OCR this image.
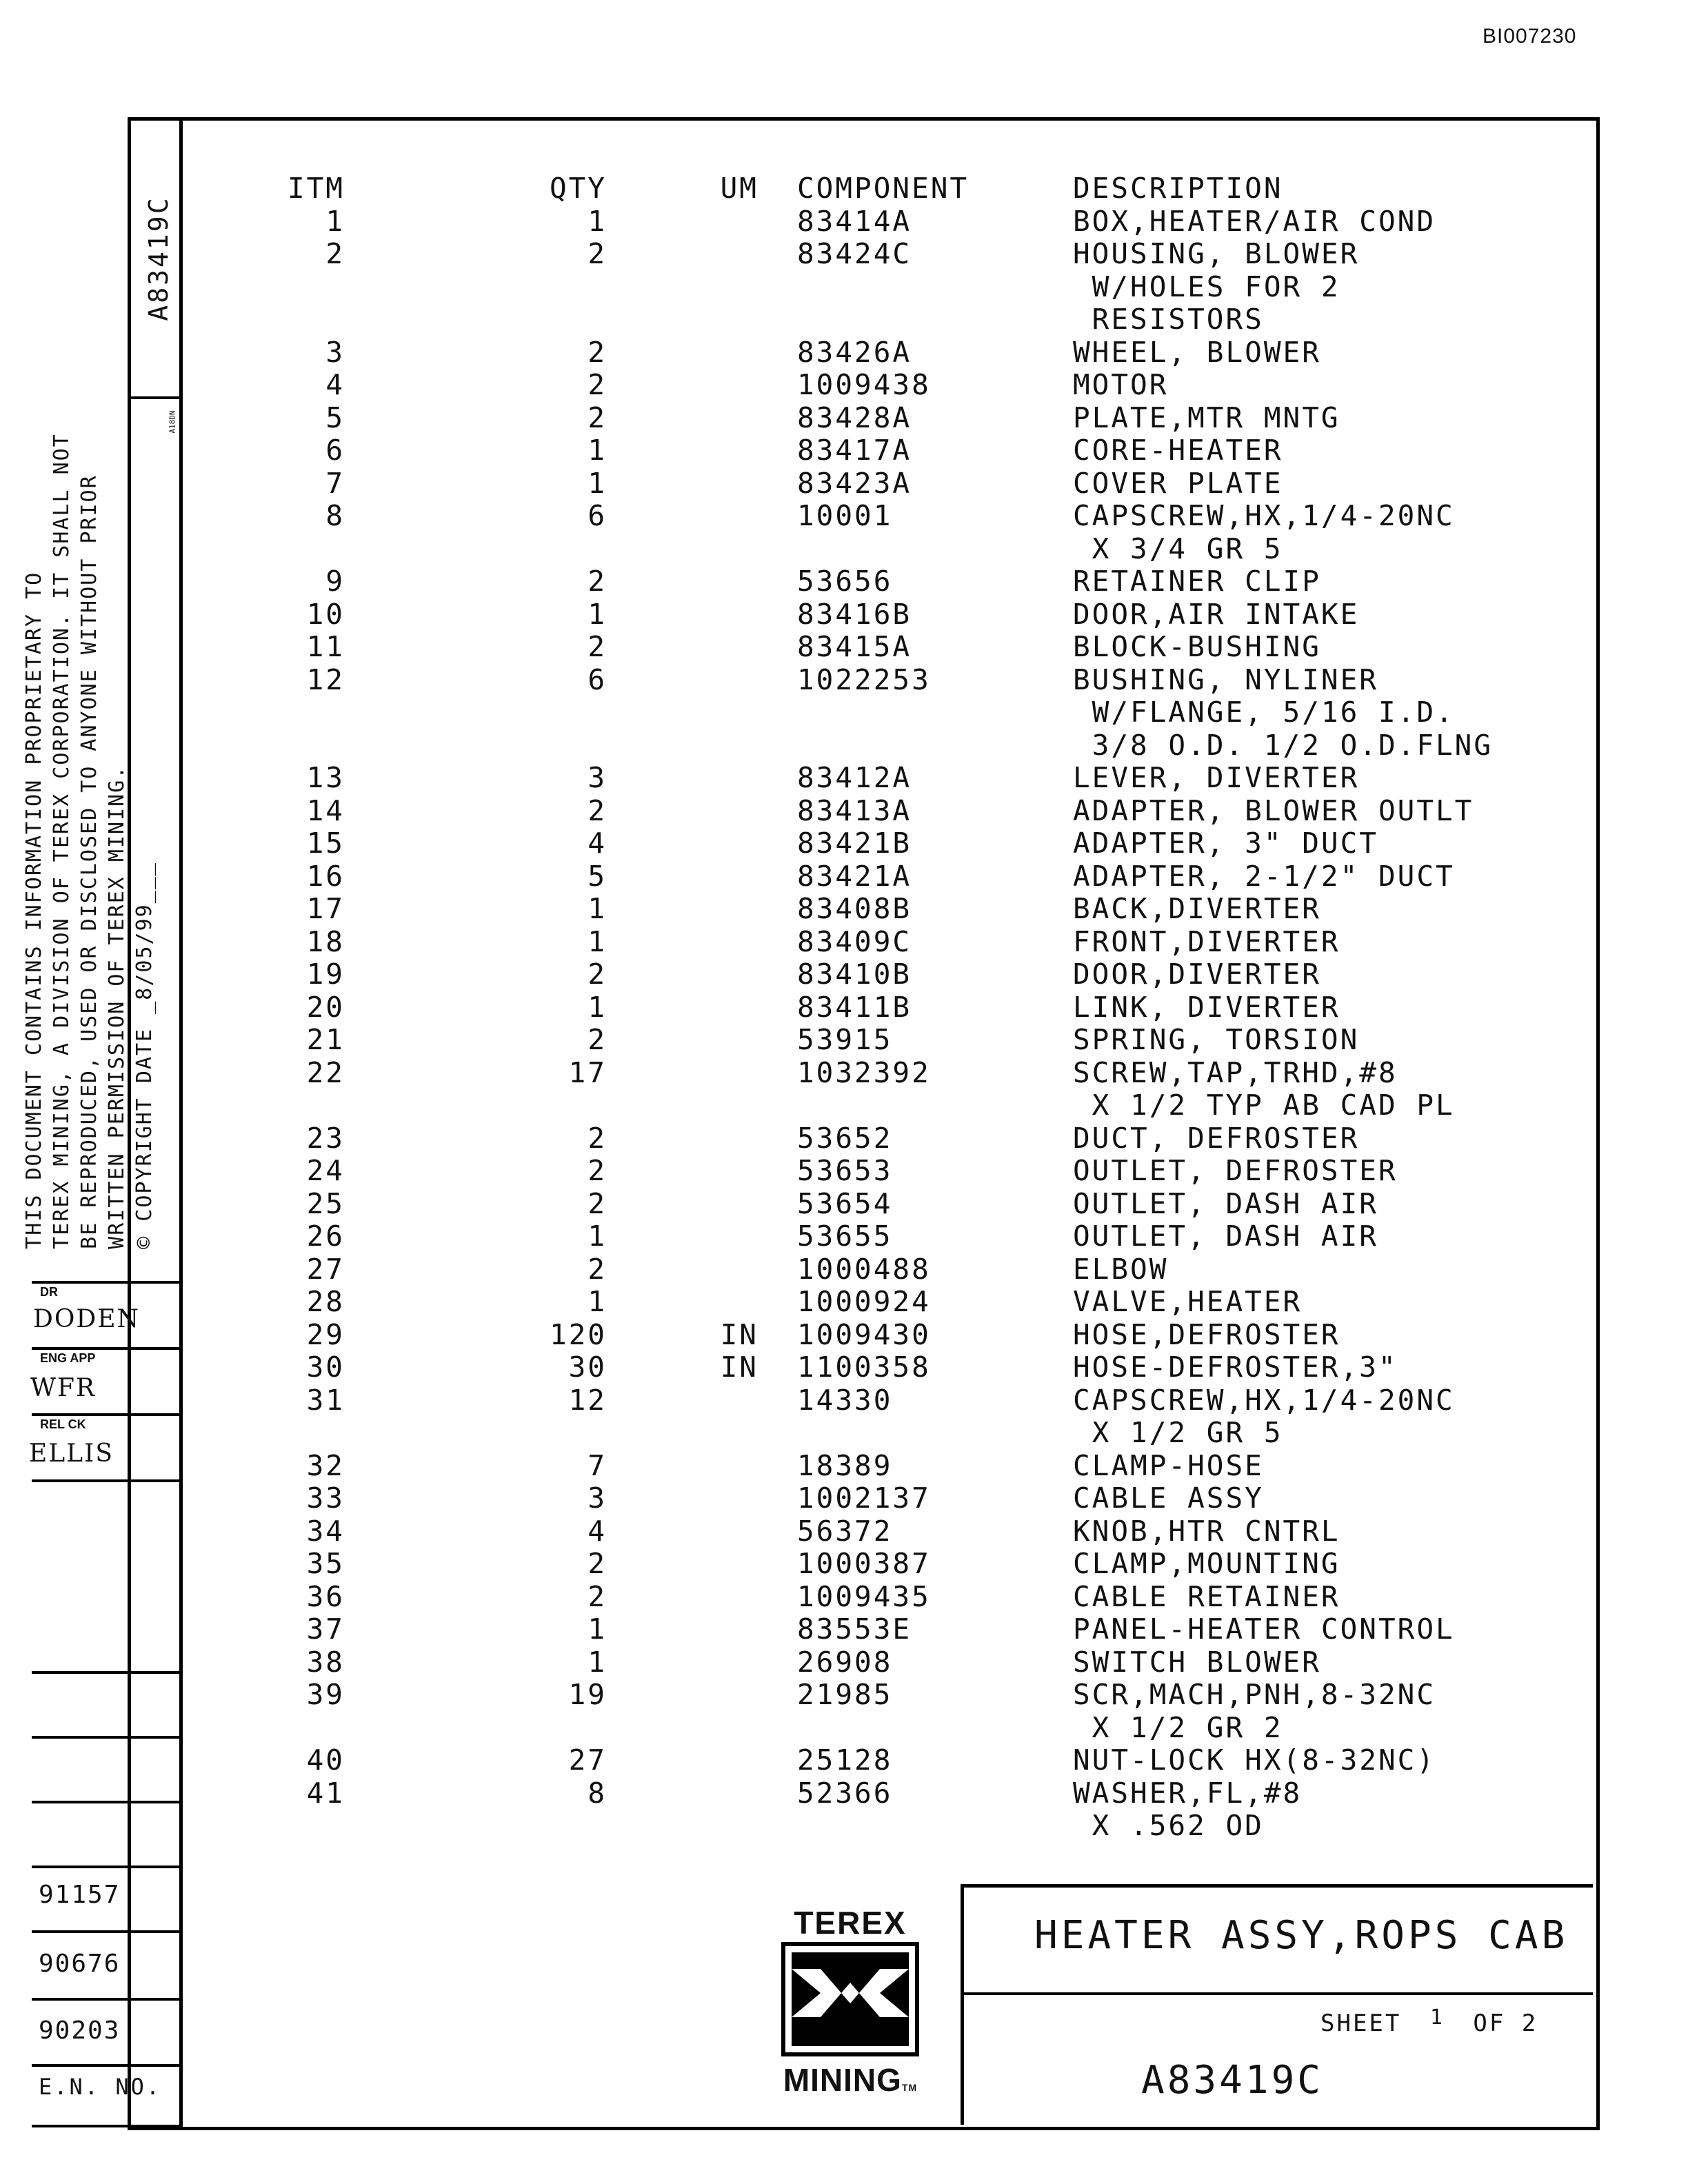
BI007230
A83419C
A18DN
THIS DOCUMENT CONTAINS INFORMATION PROPRIETARY TO TEREX MINING, A DIVISION OF TEREX CORPORATION. IT SHALL NOT BE REPRODUCED, USED OR DISCLOSED TO ANYONE WITHOUT PRIOR WRITTEN PERMISSION OF TEREX MINING. © COPYRIGHT DATE _8/05/99___
DR
DODEN
ENG APP
WFR
REL CK
ELLIS
91157
90676
90203
E.N. NO.
ITM	QTY	UM	COMPONENT	DESCRIPTION
1	1		83414A	BOX,HEATER/AIR COND
2	2		83424C	HOUSING, BLOWER
				W/HOLES FOR 2
				RESISTORS
3	2		83426A	WHEEL, BLOWER
4	2		1009438	MOTOR
5	2		83428A	PLATE,MTR MNTG
6	1		83417A	CORE-HEATER
7	1		83423A	COVER PLATE
8	6		10001	CAPSCREW,HX,1/4-20NC
				X 3/4 GR 5
9	2		53656	RETAINER CLIP
10	1		83416B	DOOR,AIR INTAKE
11	2		83415A	BLOCK-BUSHING
12	6		1022253	BUSHING, NYLINER
				W/FLANGE, 5/16 I.D.
				3/8 O.D. 1/2 O.D.FLNG
13	3		83412A	LEVER, DIVERTER
14	2		83413A	ADAPTER, BLOWER OUTLT
15	4		83421B	ADAPTER, 3" DUCT
16	5		83421A	ADAPTER, 2-1/2" DUCT
17	1		83408B	BACK,DIVERTER
18	1		83409C	FRONT,DIVERTER
19	2		83410B	DOOR,DIVERTER
20	1		83411B	LINK, DIVERTER
21	2		53915	SPRING, TORSION
22	17		1032392	SCREW,TAP,TRHD,#8
				X 1/2 TYP AB CAD PL
23	2		53652	DUCT, DEFROSTER
24	2		53653	OUTLET, DEFROSTER
25	2		53654	OUTLET, DASH AIR
26	1		53655	OUTLET, DASH AIR
27	2		1000488	ELBOW
28	1		1000924	VALVE,HEATER
29	120	IN	1009430	HOSE,DEFROSTER
30	30	IN	1100358	HOSE-DEFROSTER,3"
31	12		14330	CAPSCREW,HX,1/4-20NC
				X 1/2 GR 5
32	7		18389	CLAMP-HOSE
33	3		1002137	CABLE ASSY
34	4		56372	KNOB,HTR CNTRL
35	2		1000387	CLAMP,MOUNTING
36	2		1009435	CABLE RETAINER
37	1		83553E	PANEL-HEATER CONTROL
38	1		26908	SWITCH BLOWER
39	19		21985	SCR,MACH,PNH,8-32NC
				X 1/2 GR 2
40	27		25128	NUT-LOCK HX(8-32NC)
41	8		52366	WASHER,FL,#8
				X .562 OD
TEREX
MININGTM
HEATER ASSY,ROPS CAB
SHEET 1 OF 2
A83419C
